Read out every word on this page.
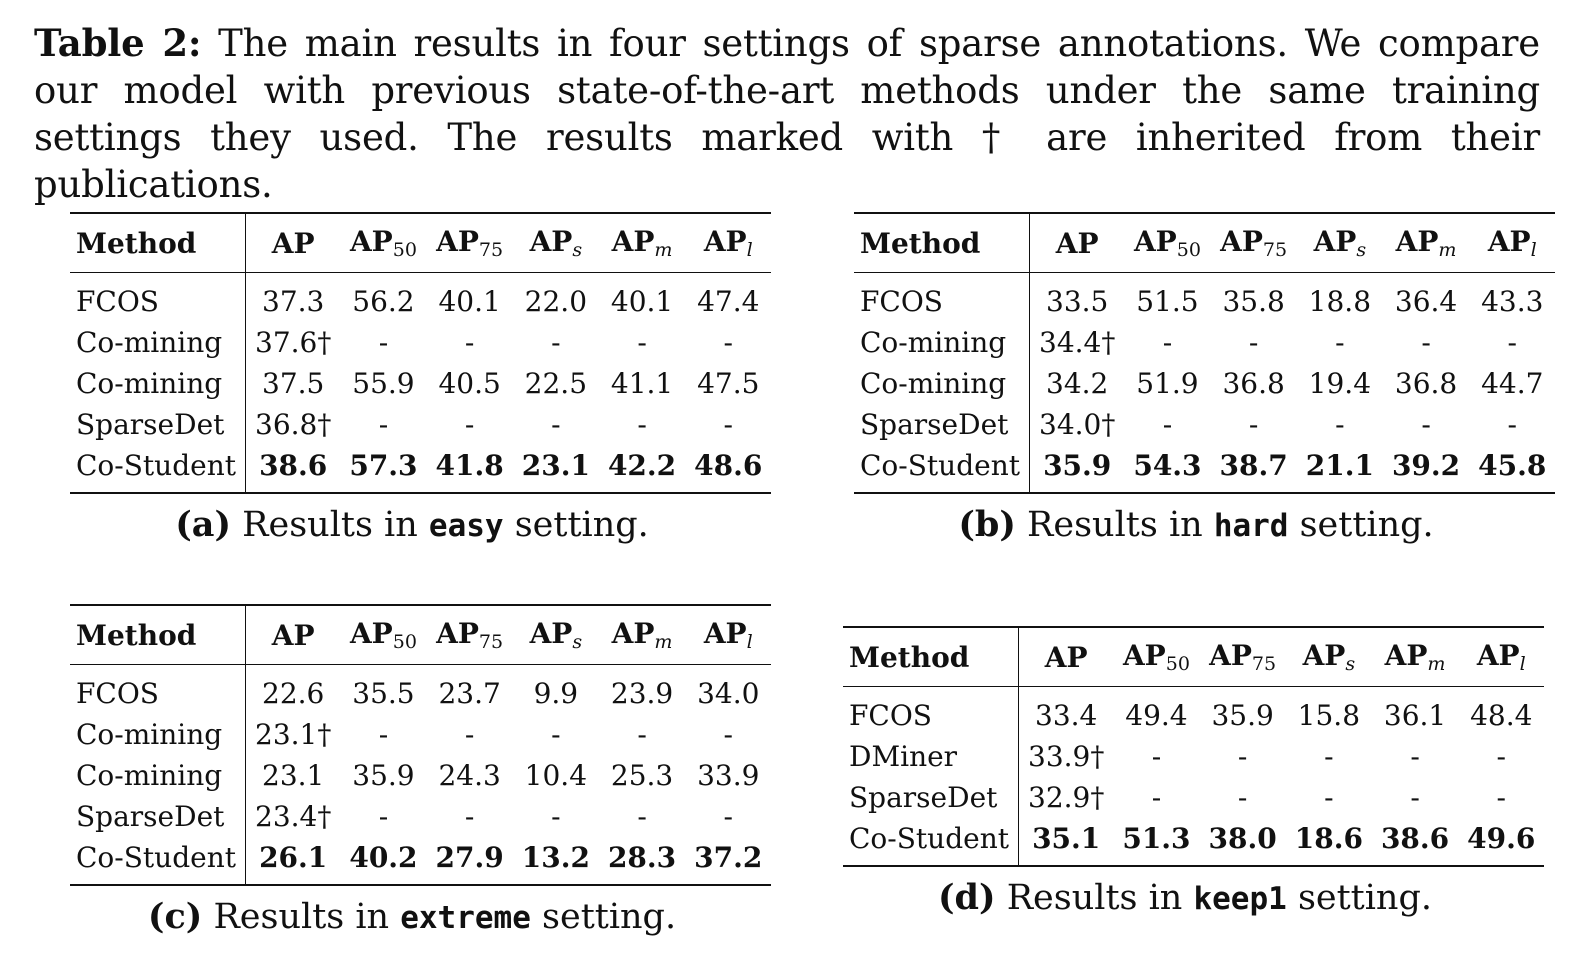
Table 2: The main results in four settings of sparse annotations. We compare our model with previous state-of-the-art methods under the same training settings they used. The results marked with † are inherited from their publications.
Method	AP	$AP_{50}$	$AP_{75}$	$AP_s$	$AP_m$	$AP_l$
FCOS	37.3	56.2	40.1	22.0	40.1	47.4
Co-mining	37.6†	-	-	-	-	-
Co-mining	37.5	55.9	40.5	22.5	41.1	47.5
SparseDet	36.8†	-	-	-	-	-
Co-Student	38.6	57.3	41.8	23.1	42.2	48.6
(a) Results in easy setting.
Method	AP	$AP_{50}$	$AP_{75}$	$AP_s$	$AP_m$	$AP_l$
FCOS	33.5	51.5	35.8	18.8	36.4	43.3
Co-mining	34.4†	-	-	-	-	-
Co-mining	34.2	51.9	36.8	19.4	36.8	44.7
SparseDet	34.0†	-	-	-	-	-
Co-Student	35.9	54.3	38.7	21.1	39.2	45.8
(b) Results in hard setting.
Method	AP	$AP_{50}$	$AP_{75}$	$AP_s$	$AP_m$	$AP_l$
FCOS	22.6	35.5	23.7	9.9	23.9	34.0
Co-mining	23.1†	-	-	-	-	-
Co-mining	23.1	35.9	24.3	10.4	25.3	33.9
SparseDet	23.4†	-	-	-	-	-
Co-Student	26.1	40.2	27.9	13.2	28.3	37.2
(c) Results in extreme setting.
Method	AP	$AP_{50}$	$AP_{75}$	$AP_s$	$AP_m$	$AP_l$
FCOS	33.4	49.4	35.9	15.8	36.1	48.4
DMiner	33.9†	-	-	-	-	-
SparseDet	32.9†	-	-	-	-	-
Co-Student	35.1	51.3	38.0	18.6	38.6	49.6
(d) Results in keep1 setting.
